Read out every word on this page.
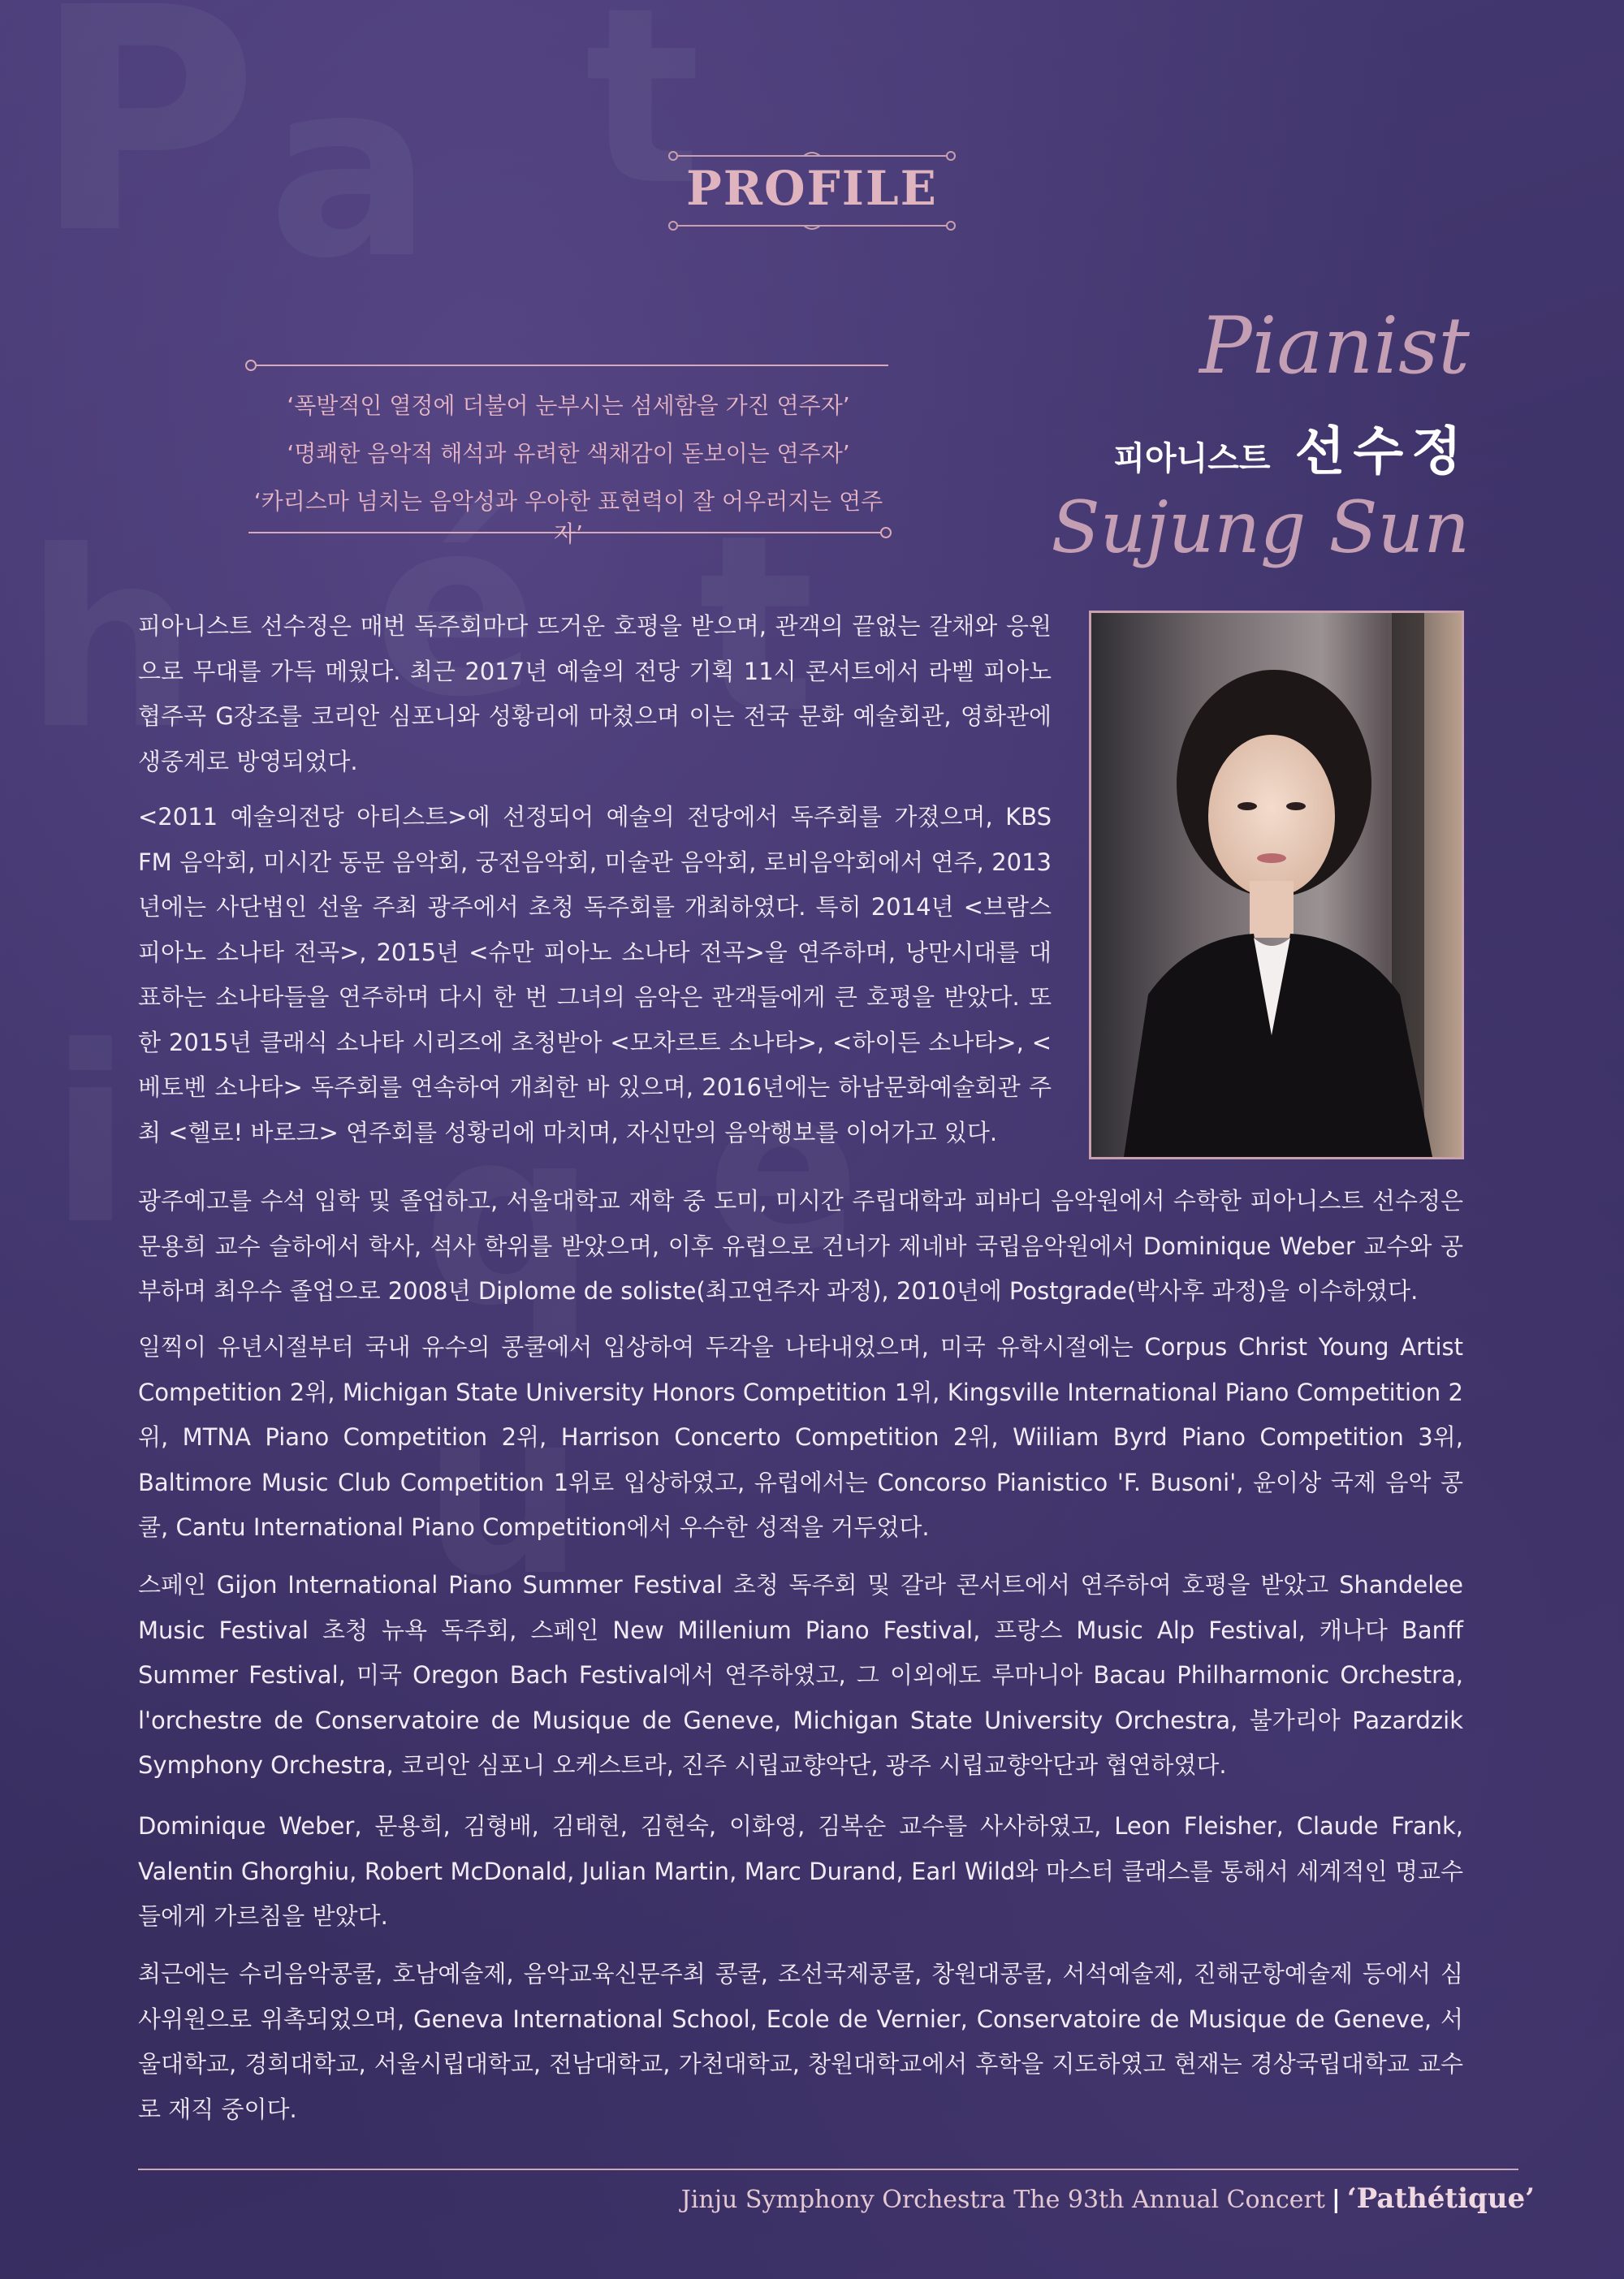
PROFILE
‘폭발적인 열정에 더불어 눈부시는 섬세함을 가진 연주자’
‘명쾌한 음악적 해석과 유려한 색채감이 돋보이는 연주자’
‘카리스마 넘치는 음악성과 우아한 표현력이 잘 어우러지는 연주자’
Pianist
피아니스트 선수정
Sujung Sun

피아니스트 선수정은 매번 독주회마다 뜨거운 호평을 받으며, 관객의 끝없는 갈채와 응원으로 무대를 가득 메웠다. 최근 2017년 예술의 전당 기획 11시 콘서트에서 라벨 피아노 협주곡 G장조를 코리안 심포니와 성황리에 마쳤으며 이는 전국 문화 예술회관, 영화관에 생중계로 방영되었다.

<2011 예술의전당 아티스트>에 선정되어 예술의 전당에서 독주회를 가졌으며, KBS FM 음악회, 미시간 동문 음악회, 궁전음악회, 미술관 음악회, 로비음악회에서 연주, 2013년에는 사단법인 선울 주최 광주에서 초청 독주회를 개최하였다. 특히 2014년 <브람스 피아노 소나타 전곡>, 2015년 <슈만 피아노 소나타 전곡>을 연주하며, 낭만시대를 대표하는 소나타들을 연주하며 다시 한 번 그녀의 음악은 관객들에게 큰 호평을 받았다. 또한 2015년 클래식 소나타 시리즈에 초청받아 <모차르트 소나타>, <하이든 소나타>, <베토벤 소나타> 독주회를 연속하여 개최한 바 있으며, 2016년에는 하남문화예술회관 주최 <헬로! 바로크> 연주회를 성황리에 마치며, 자신만의 음악행보를 이어가고 있다.

광주예고를 수석 입학 및 졸업하고, 서울대학교 재학 중 도미, 미시간 주립대학과 피바디 음악원에서 수학한 피아니스트 선수정은 문용희 교수 슬하에서 학사, 석사 학위를 받았으며, 이후 유럽으로 건너가 제네바 국립음악원에서 Dominique Weber 교수와 공부하며 최우수 졸업으로 2008년 Diplome de soliste(최고연주자 과정), 2010년에 Postgrade(박사후 과정)을 이수하였다.

일찍이 유년시절부터 국내 유수의 콩쿨에서 입상하여 두각을 나타내었으며, 미국 유학시절에는 Corpus Christ Young Artist Competition 2위, Michigan State University Honors Competition 1위, Kingsville International Piano Competition 2위, MTNA Piano Competition 2위, Harrison Concerto Competition 2위, Wiiliam Byrd Piano Competition 3위, Baltimore Music Club Competition 1위로 입상하였고, 유럽에서는 Concorso Pianistico 'F. Busoni', 윤이상 국제 음악 콩쿨, Cantu International Piano Competition에서 우수한 성적을 거두었다.

스페인 Gijon International Piano Summer Festival 초청 독주회 및 갈라 콘서트에서 연주하여 호평을 받았고 Shandelee Music Festival 초청 뉴욕 독주회, 스페인 New Millenium Piano Festival, 프랑스 Music Alp Festival, 캐나다 Banff Summer Festival, 미국 Oregon Bach Festival에서 연주하였고, 그 이외에도 루마니아 Bacau Philharmonic Orchestra, l'orchestre de Conservatoire de Musique de Geneve, Michigan State University Orchestra, 불가리아 Pazardzik Symphony Orchestra, 코리안 심포니 오케스트라, 진주 시립교향악단, 광주 시립교향악단과 협연하였다.

Dominique Weber, 문용희, 김형배, 김태현, 김현숙, 이화영, 김복순 교수를 사사하였고, Leon Fleisher, Claude Frank, Valentin Ghorghiu, Robert McDonald, Julian Martin, Marc Durand, Earl Wild와 마스터 클래스를 통해서 세계적인 명교수들에게 가르침을 받았다.

최근에는 수리음악콩쿨, 호남예술제, 음악교육신문주최 콩쿨, 조선국제콩쿨, 창원대콩쿨, 서석예술제, 진해군항예술제 등에서 심사위원으로 위촉되었으며, Geneva International School, Ecole de Vernier, Conservatoire de Musique de Geneve, 서울대학교, 경희대학교, 서울시립대학교, 전남대학교, 가천대학교, 창원대학교에서 후학을 지도하였고 현재는 경상국립대학교 교수로 재직 중이다.

Jinju Symphony Orchestra The 93th Annual Concert | ‘Pathétique’
